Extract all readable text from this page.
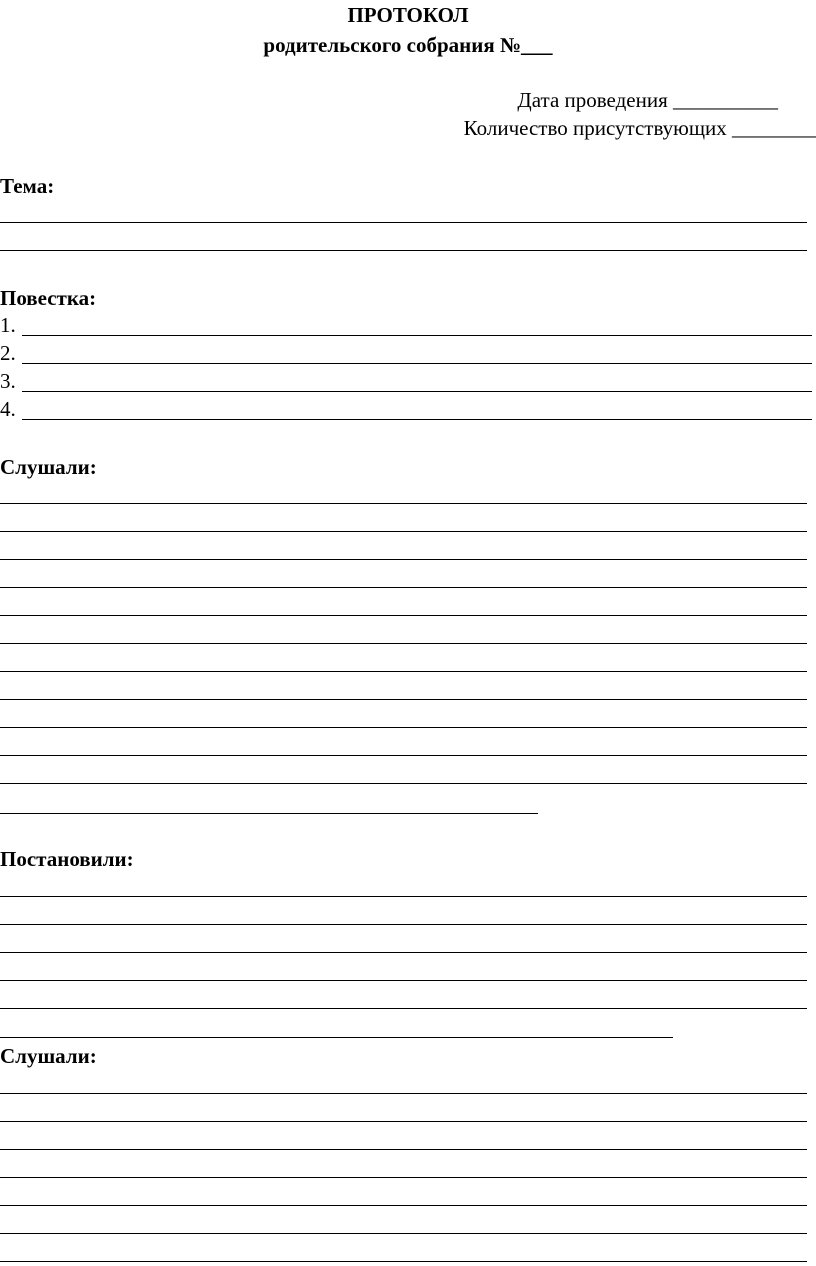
ПРОТОКОЛ
родительского собрания №___
Дата проведения __________
Количество присутствующих ________
Тема:
Повестка:
1.
2.
3.
4.
Слушали:
Постановили:
Слушали:
